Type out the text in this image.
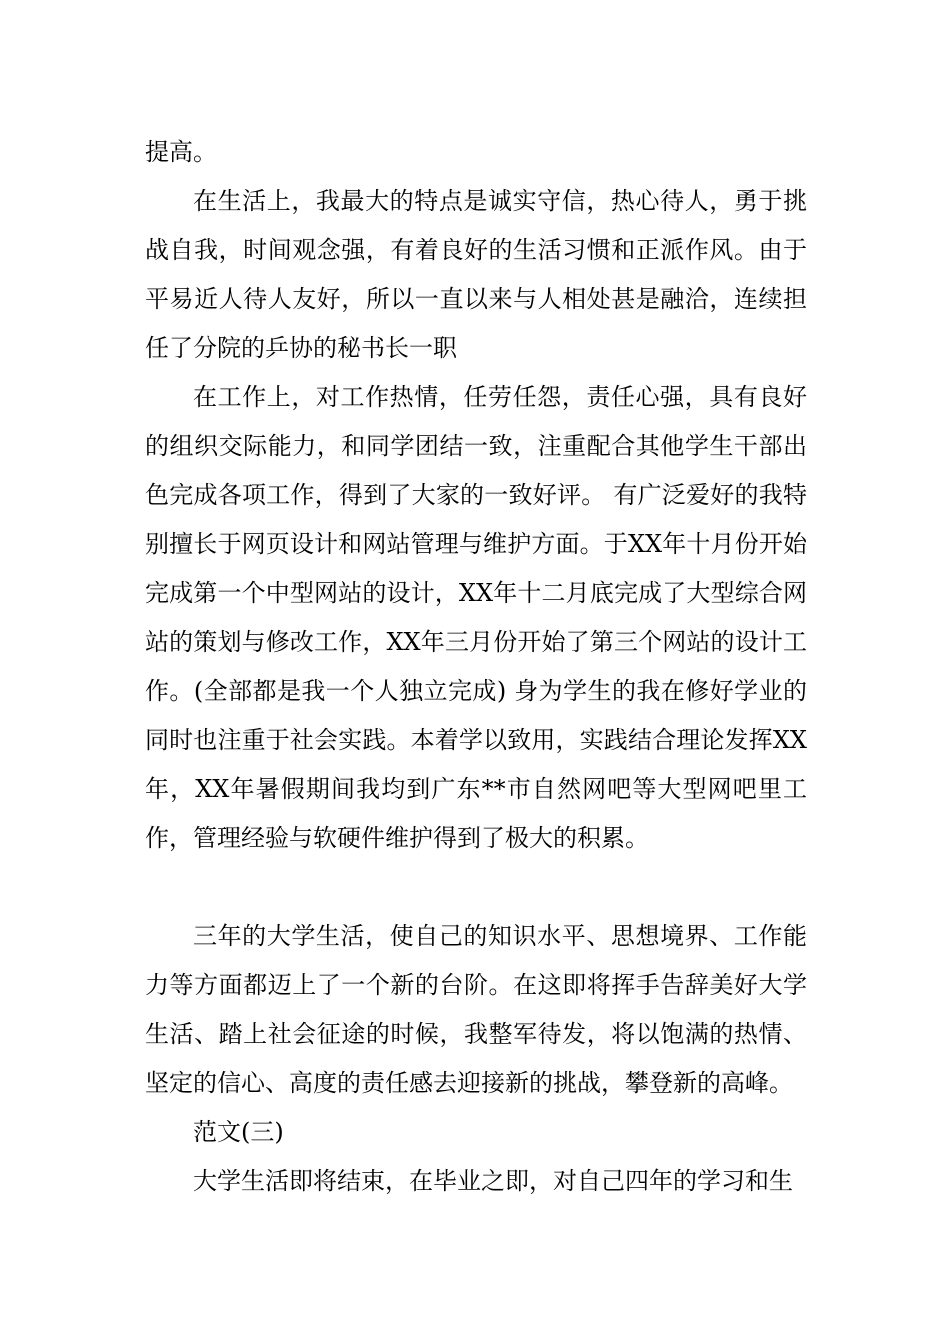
提高。

在生活上，我最大的特点是诚实守信，热心待人，勇于挑战自我，时间观念强，有着良好的生活习惯和正派作风。由于平易近人待人友好，所以一直以来与人相处甚是融洽，连续担任了分院的乒协的秘书长一职

在工作上，对工作热情，任劳任怨，责任心强，具有良好的组织交际能力，和同学团结一致，注重配合其他学生干部出色完成各项工作，得到了大家的一致好评。 有广泛爱好的我特别擅长于网页设计和网站管理与维护方面。于XX年十月份开始完成第一个中型网站的设计，XX年十二月底完成了大型综合网站的策划与修改工作，XX年三月份开始了第三个网站的设计工作。(全部都是我一个人独立完成) 身为学生的我在修好学业的同时也注重于社会实践。本着学以致用，实践结合理论发挥XX年，XX年暑假期间我均到广东**市自然网吧等大型网吧里工作，管理经验与软硬件维护得到了极大的积累。

三年的大学生活，使自己的知识水平、思想境界、工作能力等方面都迈上了一个新的台阶。在这即将挥手告辞美好大学生活、踏上社会征途的时候，我整军待发，将以饱满的热情、坚定的信心、高度的责任感去迎接新的挑战，攀登新的高峰。

范文(三)

大学生活即将结束，在毕业之即，对自己四年的学习和生
